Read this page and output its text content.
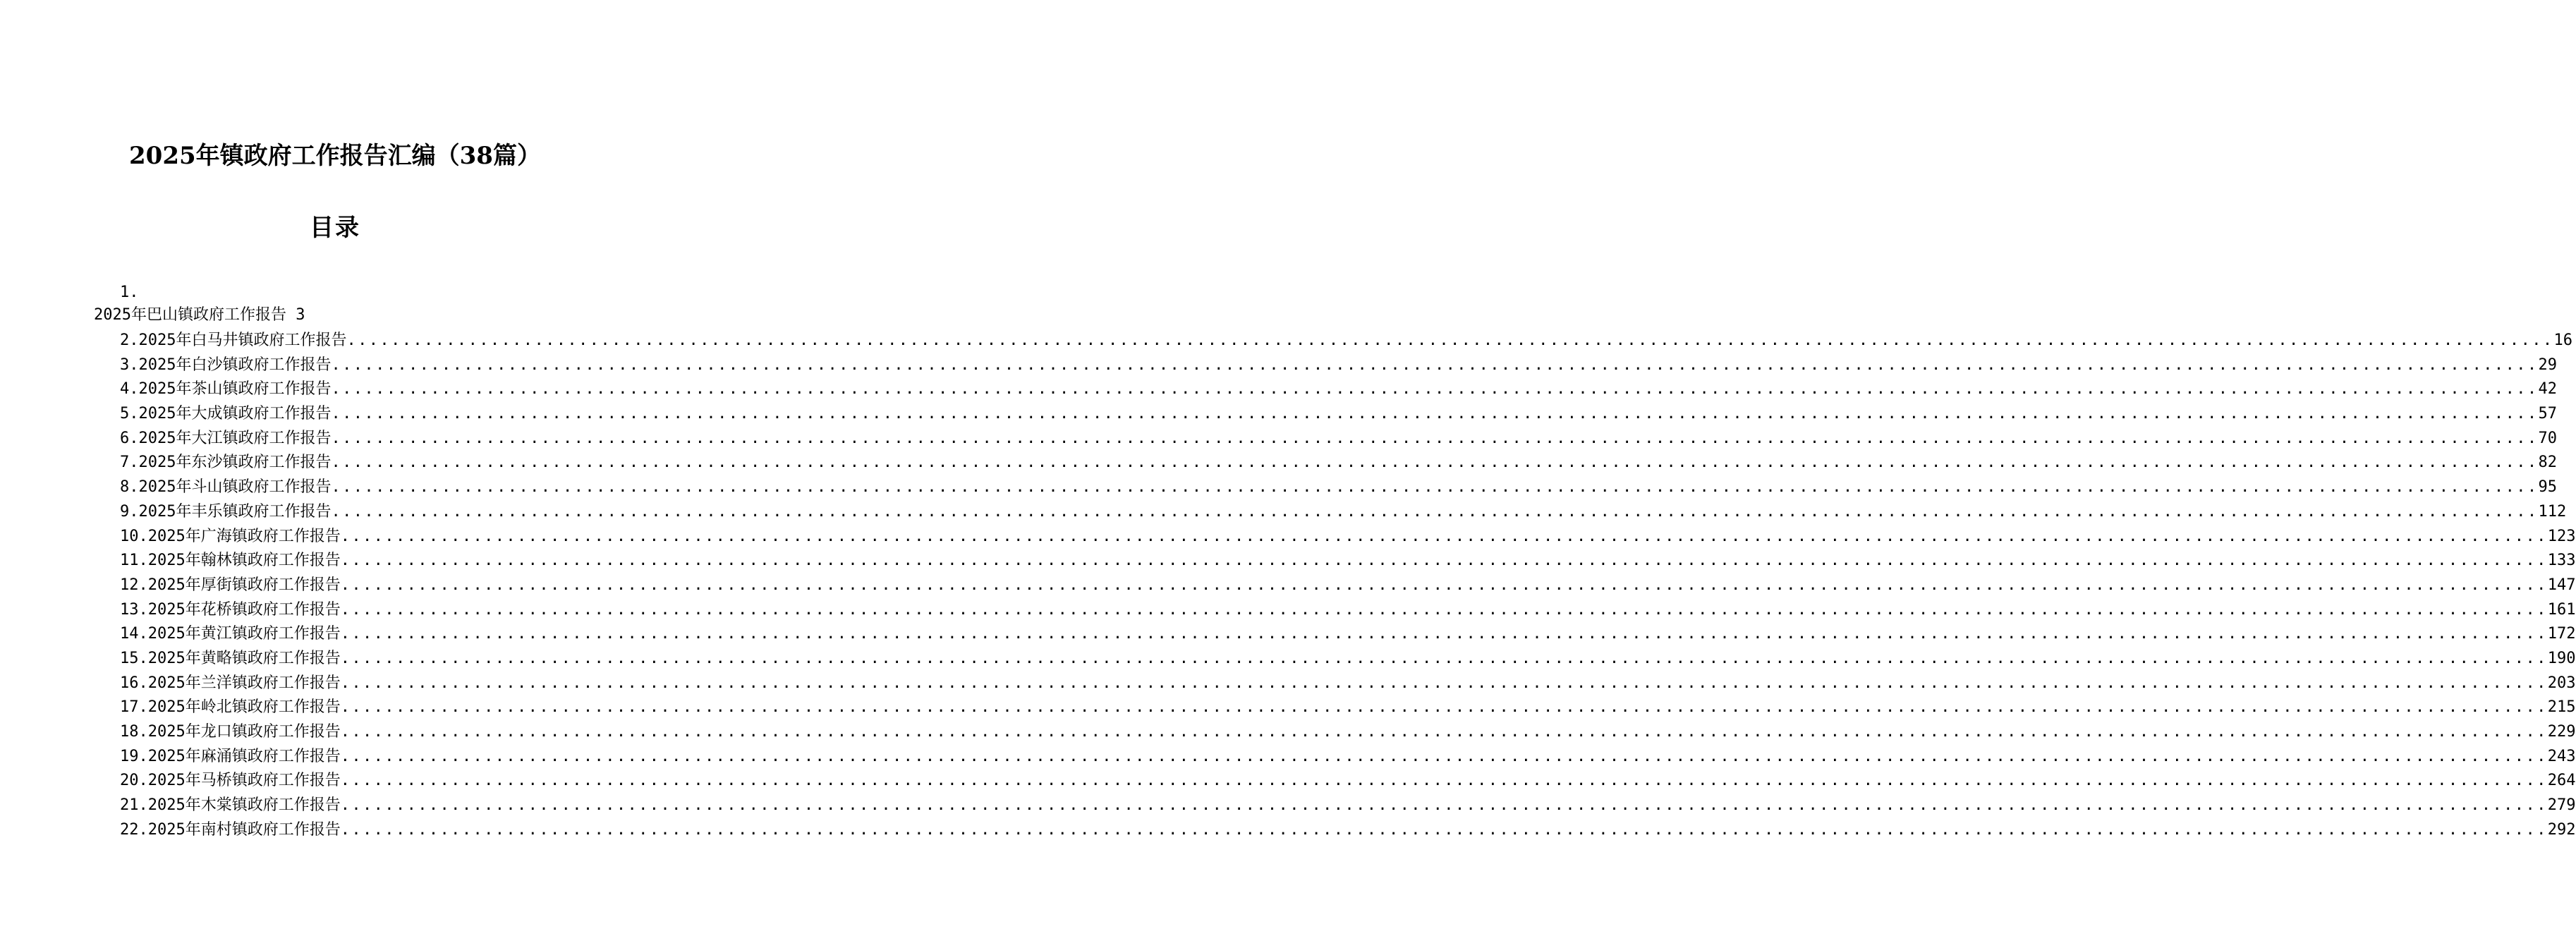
2025年镇政府工作报告汇编（38篇）
目录
1.
2025年巴山镇政府工作报告 3
2.2025年白马井镇政府工作报告 ........................................................................................................................................................................................................ 16
3.2025年白沙镇政府工作报告 ........................................................................................................................................................................................................ 29
4.2025年茶山镇政府工作报告 ........................................................................................................................................................................................................ 42
5.2025年大成镇政府工作报告 ........................................................................................................................................................................................................ 57
6.2025年大江镇政府工作报告 ........................................................................................................................................................................................................ 70
7.2025年东沙镇政府工作报告 ........................................................................................................................................................................................................ 82
8.2025年斗山镇政府工作报告 ........................................................................................................................................................................................................ 95
9.2025年丰乐镇政府工作报告 ........................................................................................................................................................................................................ 112
10.2025年广海镇政府工作报告 ........................................................................................................................................................................................................ 123
11.2025年翰林镇政府工作报告 ........................................................................................................................................................................................................ 133
12.2025年厚街镇政府工作报告 ........................................................................................................................................................................................................ 147
13.2025年花桥镇政府工作报告 ........................................................................................................................................................................................................ 161
14.2025年黄江镇政府工作报告 ........................................................................................................................................................................................................ 172
15.2025年黄略镇政府工作报告 ........................................................................................................................................................................................................ 190
16.2025年兰洋镇政府工作报告 ........................................................................................................................................................................................................ 203
17.2025年岭北镇政府工作报告 ........................................................................................................................................................................................................ 215
18.2025年龙口镇政府工作报告 ........................................................................................................................................................................................................ 229
19.2025年麻涌镇政府工作报告 ........................................................................................................................................................................................................ 243
20.2025年马桥镇政府工作报告 ........................................................................................................................................................................................................ 264
21.2025年木棠镇政府工作报告 ........................................................................................................................................................................................................ 279
22.2025年南村镇政府工作报告 ........................................................................................................................................................................................................ 292
